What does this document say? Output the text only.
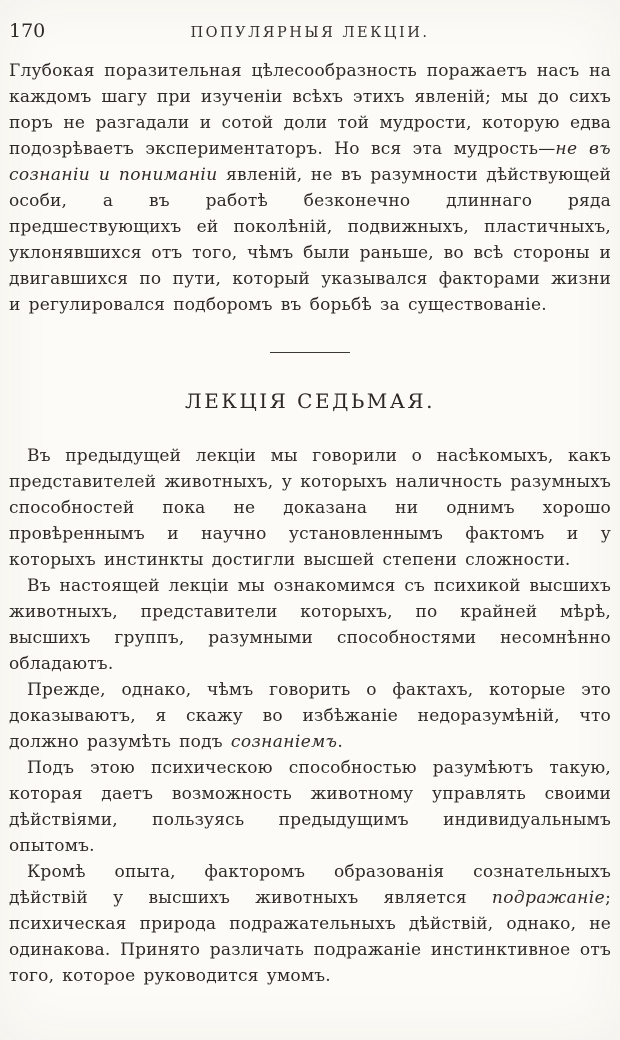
170	ПОПУЛЯРНЫЯ ЛЕКЦІИ.

Глубокая поразительная цѣлесообразность поражаетъ насъ на каждомъ шагу при изученіи всѣхъ этихъ явленій; мы до сихъ поръ не разгадали и сотой доли той мудрости, которую едва подозрѣваетъ экспериментаторъ. Но вся эта мудрость—не въ сознаніи и пониманіи явленій, не въ разумности дѣйствующей особи, а въ работѣ безконечно длиннаго ряда предшествующихъ ей поколѣній, подвижныхъ, пластичныхъ, уклонявшихся отъ того, чѣмъ были раньше, во всѣ стороны и двигавшихся по пути, который указывался факторами жизни и регулировался подборомъ въ борьбѣ за существованіе.

ЛЕКЦІЯ СЕДЬМАЯ.

Въ предыдущей лекціи мы говорили о насѣкомыхъ, какъ представителей животныхъ, у которыхъ наличность разумныхъ способностей пока не доказана ни однимъ хорошо провѣреннымъ и научно установленнымъ фактомъ и у которыхъ инстинкты достигли высшей степени сложности.

Въ настоящей лекціи мы ознакомимся съ психикой высшихъ животныхъ, представители которыхъ, по крайней мѣрѣ, высшихъ группъ, разумными способностями несомнѣнно обладаютъ.

Прежде, однако, чѣмъ говорить о фактахъ, которые это доказываютъ, я скажу во избѣжаніе недоразумѣній, что должно разумѣть подъ сознаніемъ.

Подъ этою психическою способностью разумѣютъ такую, которая даетъ возможность животному управлять своими дѣйствіями, пользуясь предыдущимъ индивидуальнымъ опытомъ.

Кромѣ опыта, факторомъ образованія сознательныхъ дѣйствій у высшихъ животныхъ является подражаніе; психическая природа подражательныхъ дѣйствій, однако, не одинакова. Принято различать подражаніе инстинктивное отъ того, которое руководится умомъ.
